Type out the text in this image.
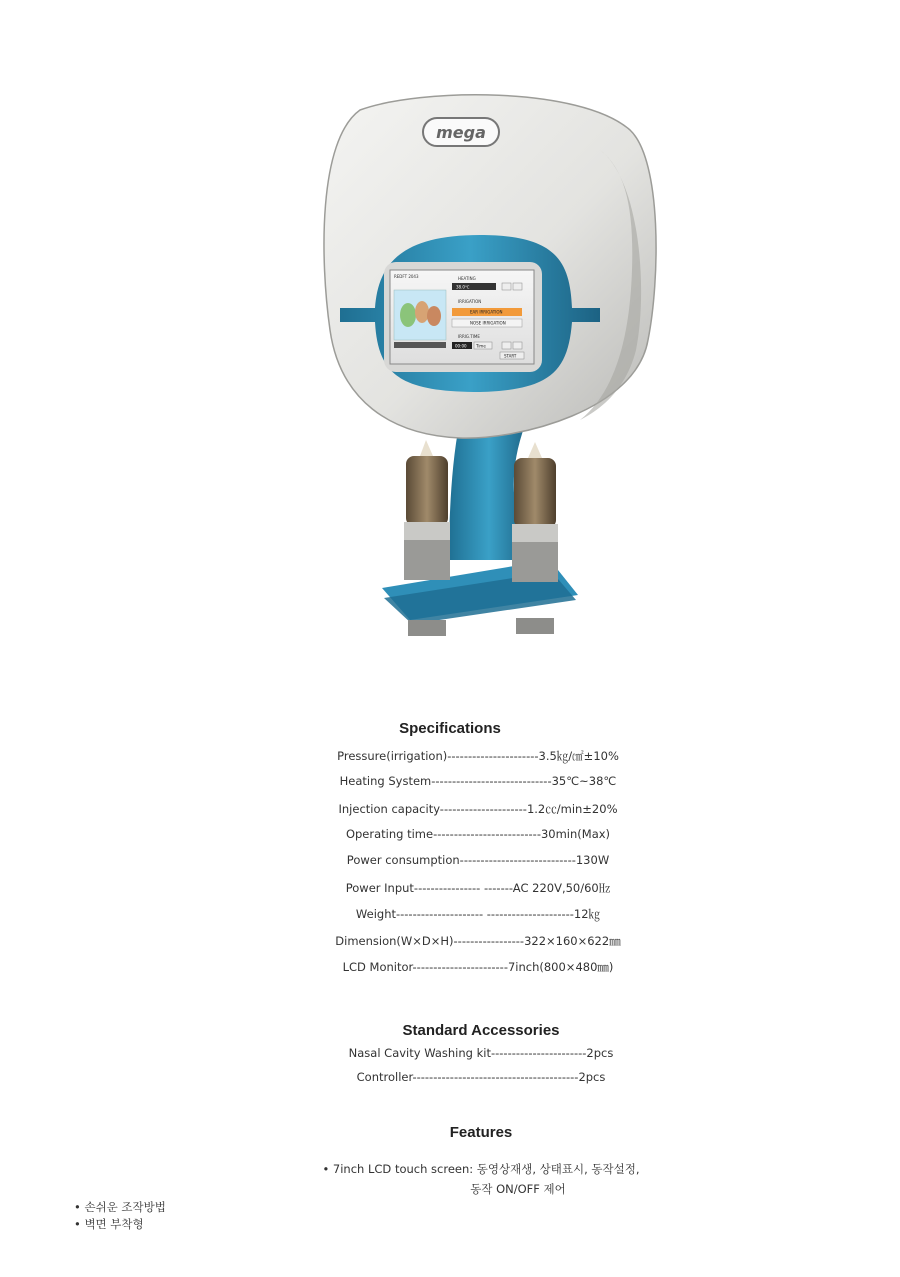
mega
REDFT 2043	HEATING
38.0℃
IRRIGATION
EAR IRRIGATION
NOSE IRRIGATION
IRRIG.TIME
00:00 Time
START
Specifications
Pressure(irrigation)----------------------3.5㎏/㎠±10%
Heating System-----------------------------35℃~38℃
Injection capacity---------------------1.2㏄/min±20%
Operating time--------------------------30min(Max)
Power consumption----------------------------130W
Power Input---------------- -------AC 220V,50/60㎐
Weight--------------------- ---------------------12㎏
Dimension(W×D×H)-----------------322×160×622㎜
LCD Monitor-----------------------7inch(800×480㎜)
Standard Accessories
Nasal Cavity Washing kit-----------------------2pcs
Controller----------------------------------------2pcs
Features
• 7inch LCD touch screen: 동영상재생, 상태표시, 동작설정,
동작 ON/OFF 제어
• 손쉬운 조작방법
• 벽면 부착형
